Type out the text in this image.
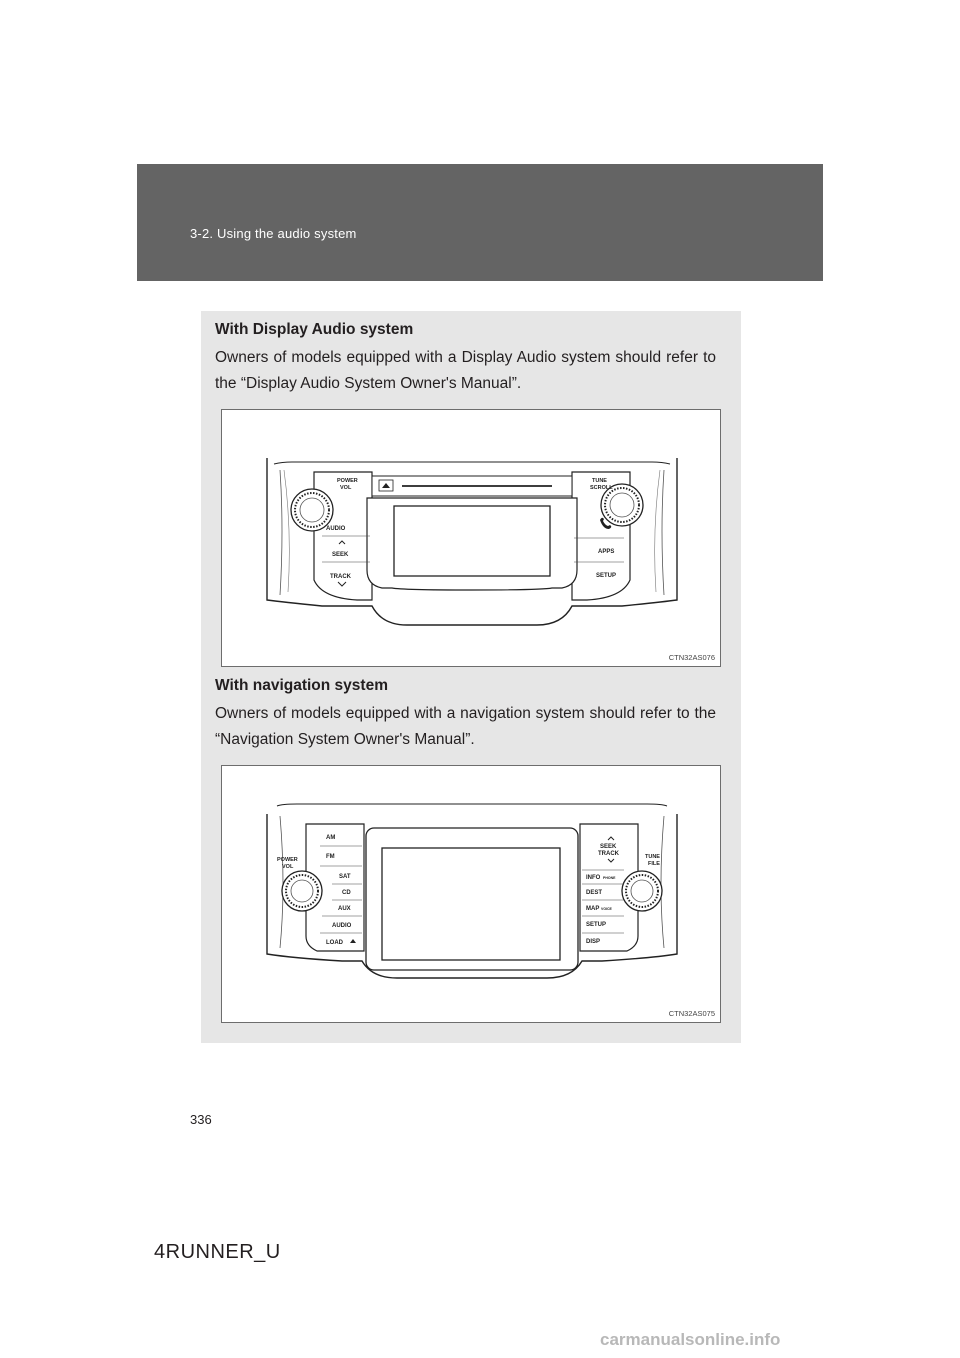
3-2. Using the audio system
With Display Audio system
Owners of models equipped with a Display Audio system should refer to the “Display Audio System Owner's Manual”.
POWER
VOL
AUDIO
SEEK
TRACK
TUNE
SCROLL
APPS
SETUP
CTN32AS076
With navigation system
Owners of models equipped with a navigation system should refer to the “Navigation System Owner's Manual”.
POWER
VOL
AM
FM
SAT
CD
AUX
AUDIO
LOAD
SEEK
TRACK	TUNE
FILE
INFO PHONE
DEST
MAP VOICE
SETUP
DISP
CTN32AS075
336
4RUNNER_U
carmanualsonline.info
